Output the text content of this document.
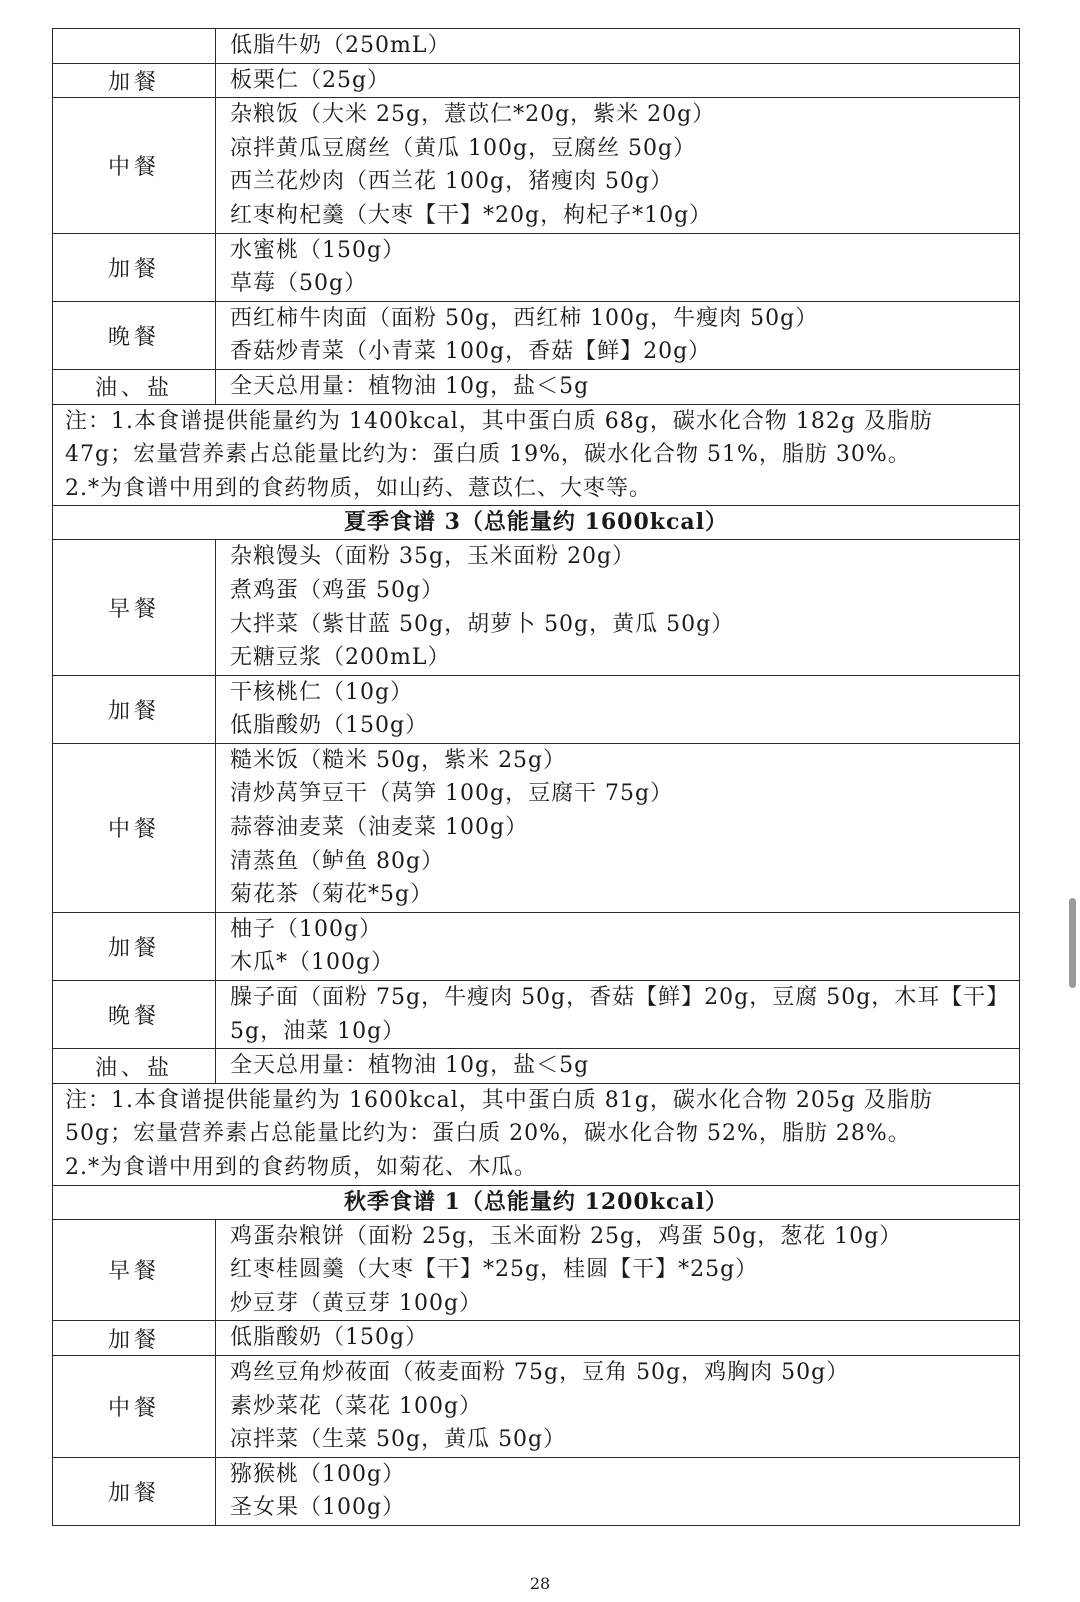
	低脂牛奶（250mL）

加餐	板栗仁（25g）

中餐	杂粮饭（大米 25g，薏苡仁*20g，紫米 20g）
凉拌黄瓜豆腐丝（黄瓜 100g，豆腐丝 50g）
西兰花炒肉（西兰花 100g，猪瘦肉 50g）
红枣枸杞羹（大枣【干】*20g，枸杞子*10g）

加餐	水蜜桃（150g）
草莓（50g）

晚餐	西红柿牛肉面（面粉 50g，西红柿 100g，牛瘦肉 50g）
香菇炒青菜（小青菜 100g，香菇【鲜】20g）

油、盐	全天总用量：植物油 10g，盐＜5g

注：1.本食谱提供能量约为 1400kcal，其中蛋白质 68g，碳水化合物 182g 及脂肪
47g；宏量营养素占总能量比约为：蛋白质 19%，碳水化合物 51%，脂肪 30%。
2.*为食谱中用到的食药物质，如山药、薏苡仁、大枣等。	

夏季食谱 3（总能量约 1600kcal）	
早餐	杂粮馒头（面粉 35g，玉米面粉 20g）
煮鸡蛋（鸡蛋 50g）
大拌菜（紫甘蓝 50g，胡萝卜 50g，黄瓜 50g）
无糖豆浆（200mL）

加餐	干核桃仁（10g）
低脂酸奶（150g）

中餐	糙米饭（糙米 50g，紫米 25g）
清炒莴笋豆干（莴笋 100g，豆腐干 75g）
蒜蓉油麦菜（油麦菜 100g）
清蒸鱼（鲈鱼 80g）
菊花茶（菊花*5g）

加餐	柚子（100g）
木瓜*（100g）

晚餐	臊子面（面粉 75g，牛瘦肉 50g，香菇【鲜】20g，豆腐 50g，木耳【干】5g，油菜 10g）

油、盐	全天总用量：植物油 10g，盐＜5g

注：1.本食谱提供能量约为 1600kcal，其中蛋白质 81g，碳水化合物 205g 及脂肪
50g；宏量营养素占总能量比约为：蛋白质 20%，碳水化合物 52%，脂肪 28%。
2.*为食谱中用到的食药物质，如菊花、木瓜。	

秋季食谱 1（总能量约 1200kcal）	
早餐	鸡蛋杂粮饼（面粉 25g，玉米面粉 25g，鸡蛋 50g，葱花 10g）
红枣桂圆羹（大枣【干】*25g，桂圆【干】*25g）
炒豆芽（黄豆芽 100g）

加餐	低脂酸奶（150g）

中餐	鸡丝豆角炒莜面（莜麦面粉 75g，豆角 50g，鸡胸肉 50g）
素炒菜花（菜花 100g）
凉拌菜（生菜 50g，黄瓜 50g）

加餐	猕猴桃（100g）
圣女果（100g）
28
